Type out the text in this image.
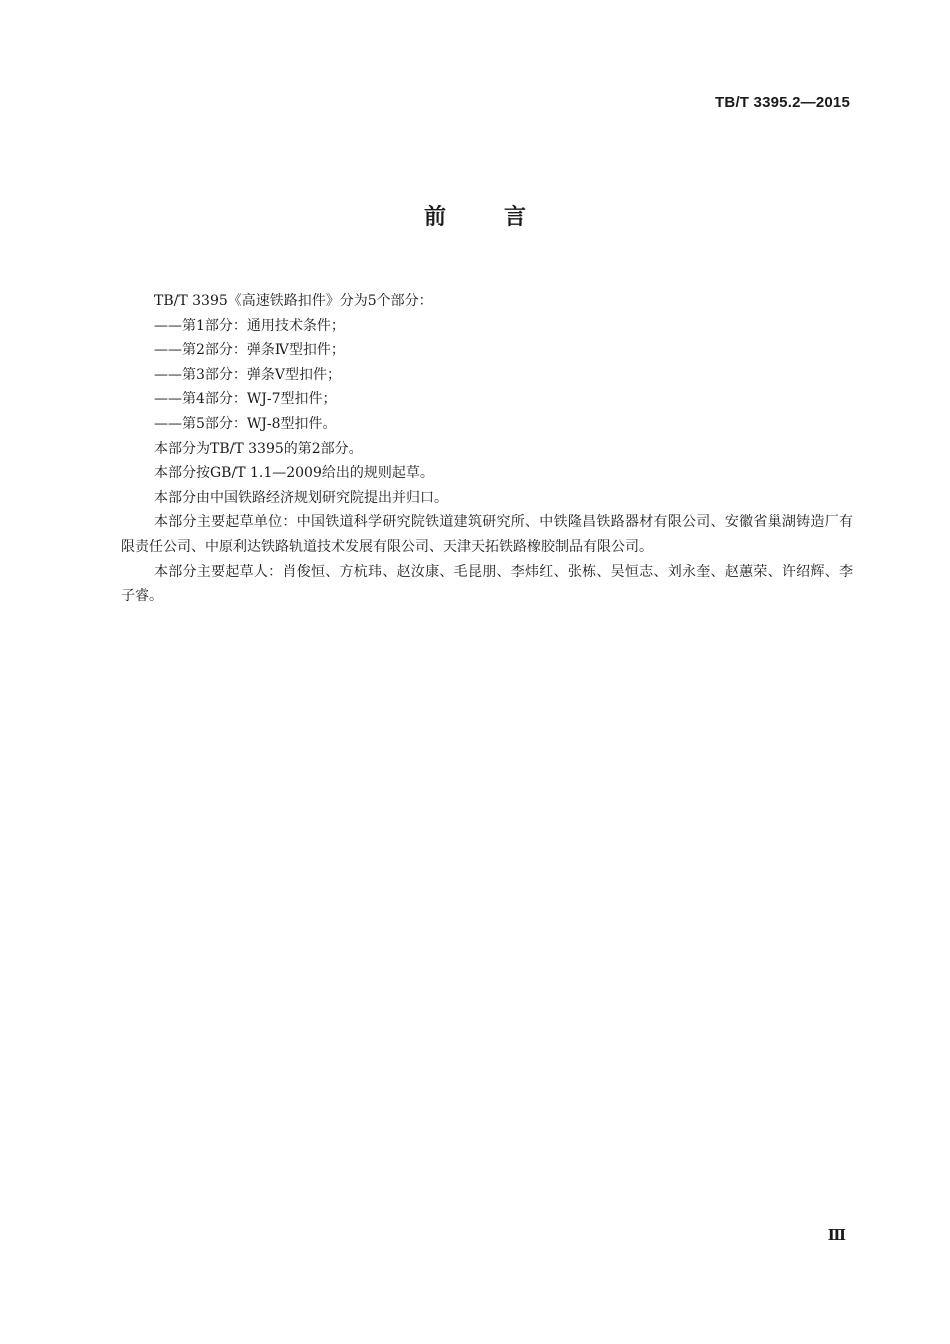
TB/T 3395.2—2015
前言

TB/T 3395《高速铁路扣件》分为5个部分：

——第1部分：通用技术条件；

——第2部分：弹条Ⅳ型扣件；

——第3部分：弹条Ⅴ型扣件；

——第4部分：WJ-7型扣件；

——第5部分：WJ-8型扣件。

本部分为TB/T 3395的第2部分。

本部分按GB/T 1.1—2009给出的规则起草。

本部分由中国铁路经济规划研究院提出并归口。

本部分主要起草单位：中国铁道科学研究院铁道建筑研究所、中铁隆昌铁路器材有限公司、安徽省巢湖铸造厂有限责任公司、中原利达铁路轨道技术发展有限公司、天津天拓铁路橡胶制品有限公司。

本部分主要起草人：肖俊恒、方杭玮、赵汝康、毛昆朋、李炜红、张栋、吴恒志、刘永奎、赵蕙荣、许绍辉、李子睿。

Ⅲ
